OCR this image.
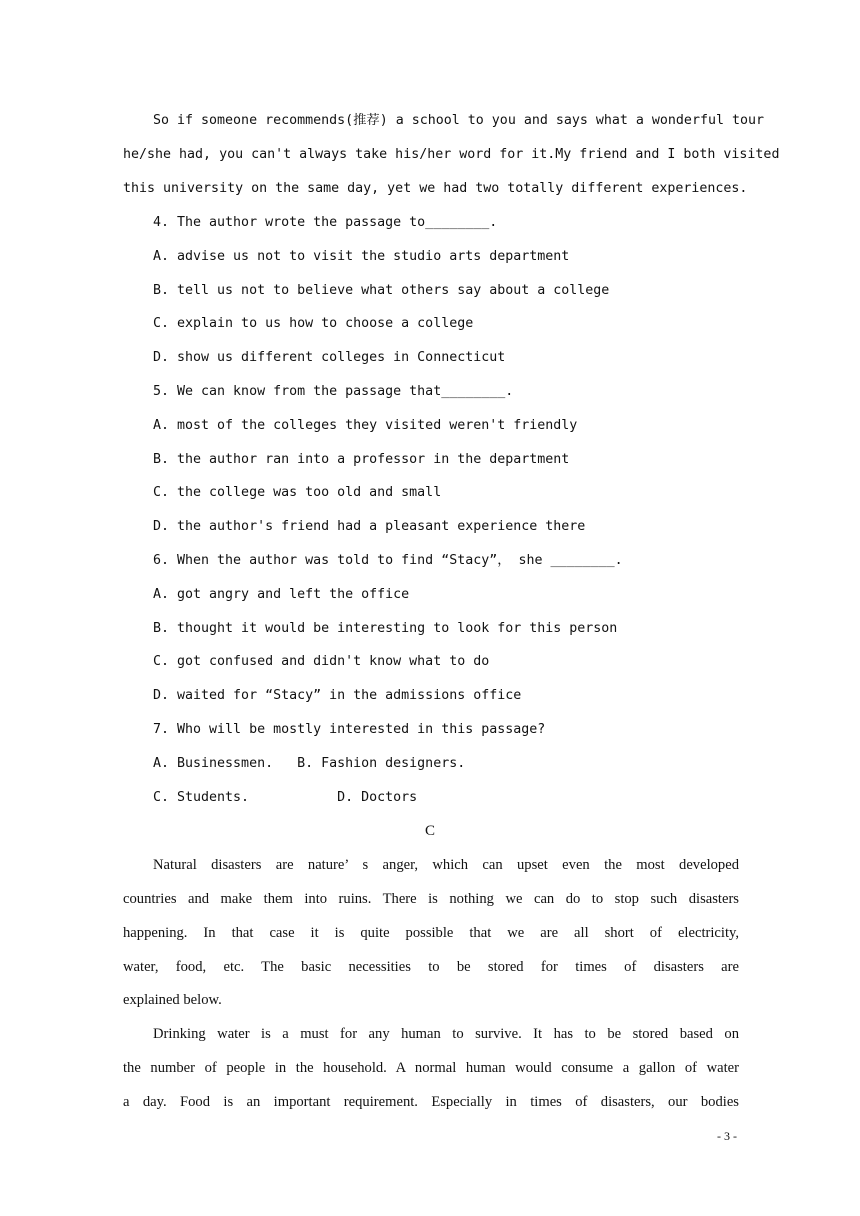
So if someone recommends(推荐) a school to you and says what a wonderful tour
he/she had, you can't always take his/her word for it.My friend and I both visited
this university on the same day, yet we had two totally different experiences.
4. The author wrote the passage to________.
A. advise us not to visit the studio arts department
B. tell us not to believe what others say about a college
C. explain to us how to choose a college
D. show us different colleges in Connecticut
5. We can know from the passage that________.
A. most of the colleges they visited weren't friendly
B. the author ran into a professor in the department
C. the college was too old and small
D. the author's friend had a pleasant experience there
6. When the author was told to find “Stacy”， she ________.
A. got angry and left the office
B. thought it would be interesting to look for this person
C. got confused and didn't know what to do
D. waited for “Stacy” in the admissions office
7. Who will be mostly interested in this passage?
A. Businessmen.   B. Fashion designers.
C. Students.           D. Doctors
C
Natural disasters are nature’ s anger, which can upset even the most developed
countries and make them into ruins. There is nothing we can do to stop such disasters
happening. In that case it is quite possible that we are all short of electricity,
water, food, etc. The basic necessities to be stored for times of disasters are
explained below.
Drinking water is a must for any human to survive. It has to be stored based on
the number of people in the household. A normal human would consume a gallon of water
a day. Food is an important requirement. Especially in times of disasters, our bodies
- 3 -
